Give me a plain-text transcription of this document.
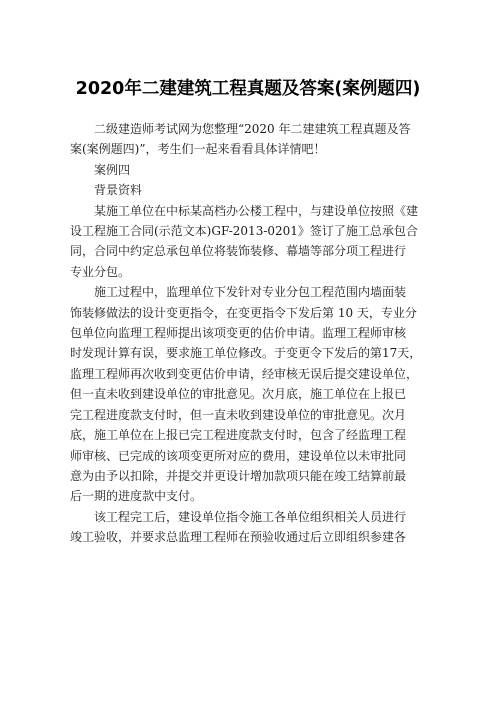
2020年二建建筑工程真题及答案(案例题四)

二级建造师考试网为您整理“2020 年二建建筑工程真题及答
案(案例题四)”，考生们一起来看看具体详情吧！

案例四

背景资料

某施工单位在中标某高档办公楼工程中，与建设单位按照《建
设工程施工合同(示范文本)GF-2013-0201》签订了施工总承包合
同，合同中约定总承包单位将装饰装修、幕墙等部分项工程进行
专业分包。

施工过程中，监理单位下发针对专业分包工程范围内墙面装
饰装修做法的设计变更指令，在变更指令下发后第 10 天，专业分
包单位向监理工程师提出该项变更的估价申请。监理工程师审核
时发现计算有误，要求施工单位修改。于变更令下发后的第17天，
监理工程师再次收到变更估价申请，经审核无误后提交建设单位，
但一直未收到建设单位的审批意见。次月底，施工单位在上报已
完工程进度款支付时，但一直未收到建设单位的审批意见。次月
底，施工单位在上报已完工程进度款支付时，包含了经监理工程
师审核、已完成的该项变更所对应的费用，建设单位以未审批同
意为由予以扣除，并提交并更设计增加款项只能在竣工结算前最
后一期的进度款中支付。

该工程完工后，建设单位指令施工各单位组织相关人员进行
竣工验收，并要求总监理工程师在预验收通过后立即组织参建各
